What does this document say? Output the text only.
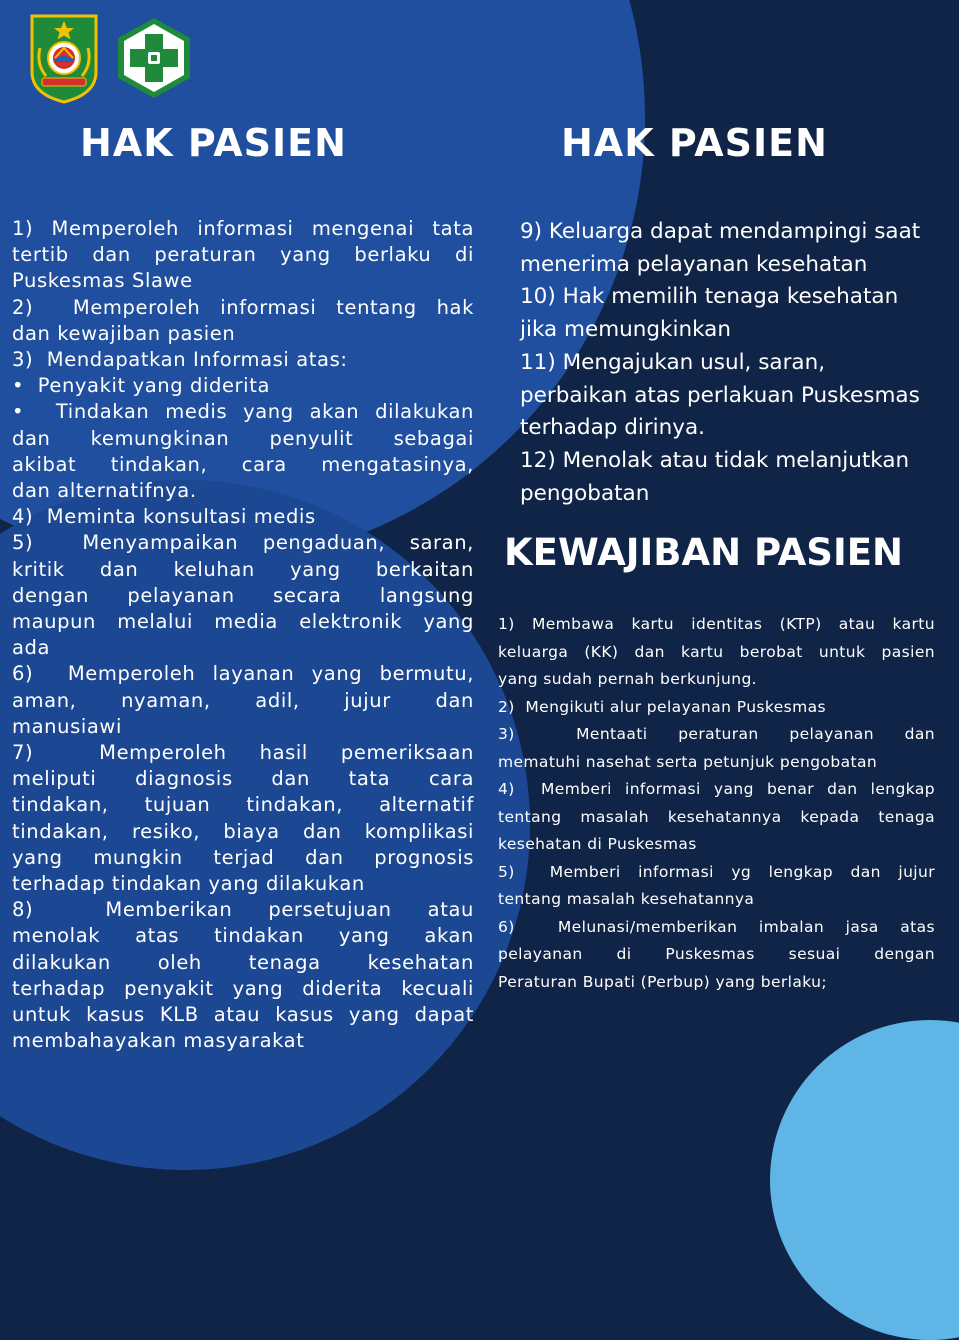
HAK PASIEN	HAK PASIEN
KEWAJIBAN PASIEN
1) Memperoleh informasi mengenai tata
tertib dan peraturan yang berlaku di
Puskesmas Slawe
2)  Memperoleh informasi tentang hak
dan kewajiban pasien
3)  Mendapatkan Informasi atas:
•  Penyakit yang diderita
•  Tindakan medis yang akan dilakukan
dan kemungkinan penyulit sebagai
akibat tindakan, cara mengatasinya,
dan alternatifnya.
4)  Meminta konsultasi medis
5)  Menyampaikan pengaduan, saran,
kritik dan keluhan yang berkaitan
dengan pelayanan secara langsung
maupun melalui media elektronik yang
ada
6)  Memperoleh layanan yang bermutu,
aman, nyaman, adil, jujur dan
manusiawi
7)  Memperoleh hasil pemeriksaan
meliputi diagnosis dan tata cara
tindakan, tujuan tindakan, alternatif
tindakan, resiko, biaya dan komplikasi
yang mungkin terjad dan prognosis
terhadap tindakan yang dilakukan
8)  Memberikan persetujuan atau
menolak atas tindakan yang akan
dilakukan oleh tenaga kesehatan
terhadap penyakit yang diderita kecuali
untuk kasus KLB atau kasus yang dapat
membahayakan masyarakat
9) Keluarga dapat mendampingi saat
menerima pelayanan kesehatan
10) Hak memilih tenaga kesehatan
jika memungkinkan
11) Mengajukan usul, saran,
perbaikan atas perlakuan Puskesmas
terhadap dirinya.
12) Menolak atau tidak melanjutkan
pengobatan
1) Membawa kartu identitas (KTP) atau kartu
keluarga (KK) dan kartu berobat untuk pasien
yang sudah pernah berkunjung.
2)  Mengikuti alur pelayanan Puskesmas
3)  Mentaati peraturan pelayanan dan
mematuhi nasehat serta petunjuk pengobatan
4)  Memberi informasi yang benar dan lengkap
tentang masalah kesehatannya kepada tenaga
kesehatan di Puskesmas
5)  Memberi informasi yg lengkap dan jujur
tentang masalah kesehatannya
6)  Melunasi/memberikan imbalan jasa atas
pelayanan di Puskesmas sesuai dengan
Peraturan Bupati (Perbup) yang berlaku;
